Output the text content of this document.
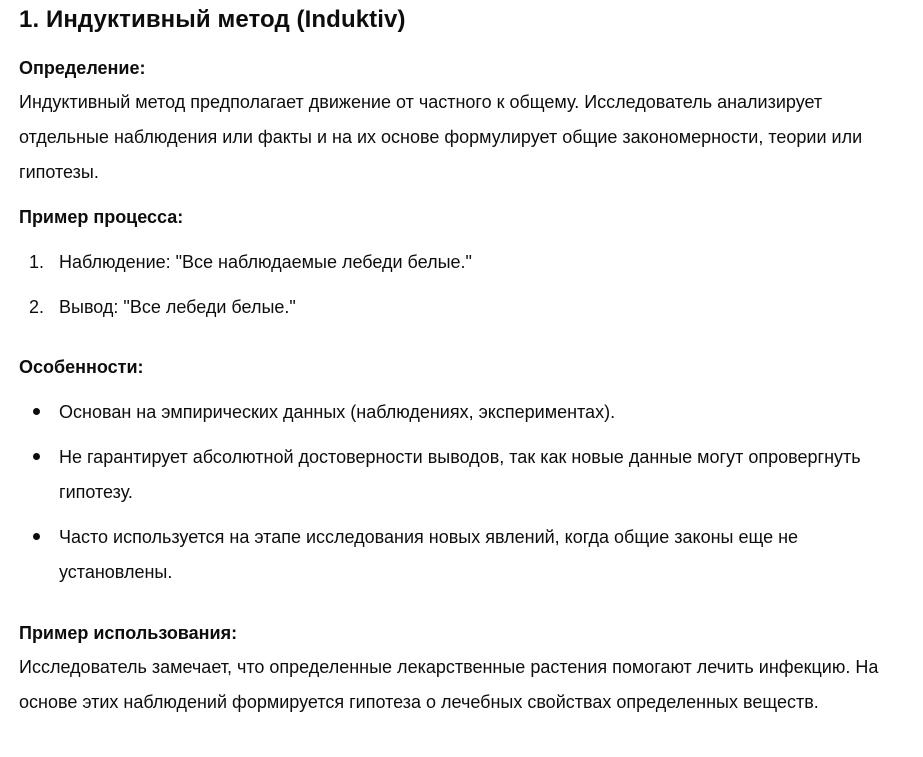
1. Индуктивный метод (Induktiv)
Определение:

Индуктивный метод предполагает движение от частного к общему. Исследователь анализирует отдельные наблюдения или факты и на их основе формулирует общие закономерности, теории или гипотезы.

Пример процесса:
1. Наблюдение: "Все наблюдаемые лебеди белые."
2. Вывод: "Все лебеди белые."
Особенности:
Основан на эмпирических данных (наблюдениях, экспериментах).
Не гарантирует абсолютной достоверности выводов, так как новые данные могут опровергнуть гипотезу.
Часто используется на этапе исследования новых явлений, когда общие законы еще не установлены.
Пример использования:

Исследователь замечает, что определенные лекарственные растения помогают лечить инфекцию. На основе этих наблюдений формируется гипотеза о лечебных свойствах определенных веществ.
